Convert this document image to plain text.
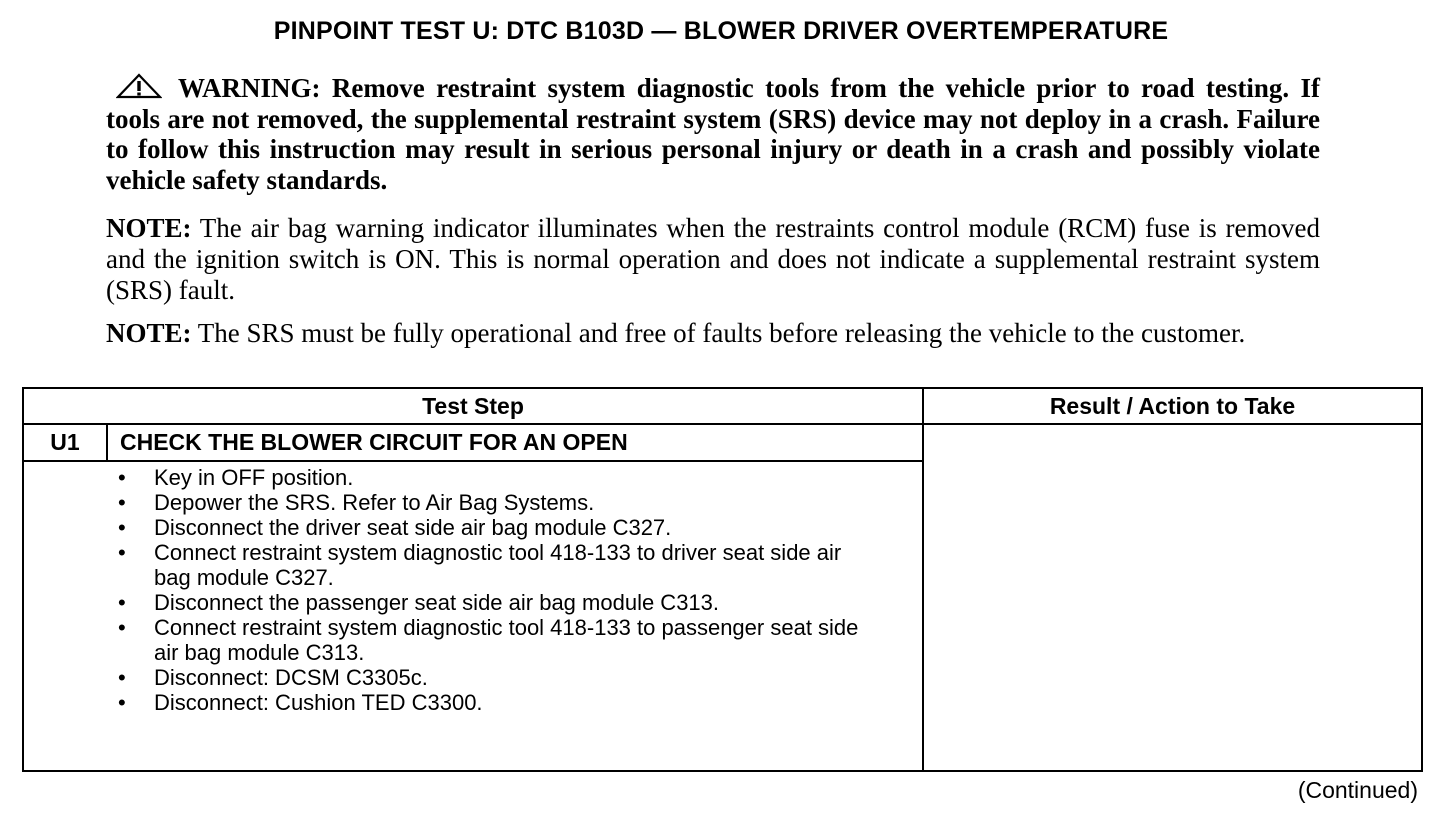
PINPOINT TEST U: DTC B103D — BLOWER DRIVER OVERTEMPERATURE
WARNING: Remove restraint system diagnostic tools from the vehicle prior to road testing. If tools are not removed, the supplemental restraint system (SRS) device may not deploy in a crash. Failure to follow this instruction may result in serious personal injury or death in a crash and possibly violate vehicle safety standards.
NOTE: The air bag warning indicator illuminates when the restraints control module (RCM) fuse is removed and the ignition switch is ON. This is normal operation and does not indicate a supplemental restraint system (SRS) fault.
NOTE: The SRS must be fully operational and free of faults before releasing the vehicle to the customer.
Test Step	Result / Action to Take
U1	CHECK THE BLOWER CIRCUIT FOR AN OPEN
• Key in OFF position.
• Depower the SRS. Refer to Air Bag Systems.
• Disconnect the driver seat side air bag module C327.
• Connect restraint system diagnostic tool 418-133 to driver seat side air bag module C327.
• Disconnect the passenger seat side air bag module C313.
• Connect restraint system diagnostic tool 418-133 to passenger seat side air bag module C313.
• Disconnect: DCSM C3305c.
• Disconnect: Cushion TED C3300.
(Continued)
